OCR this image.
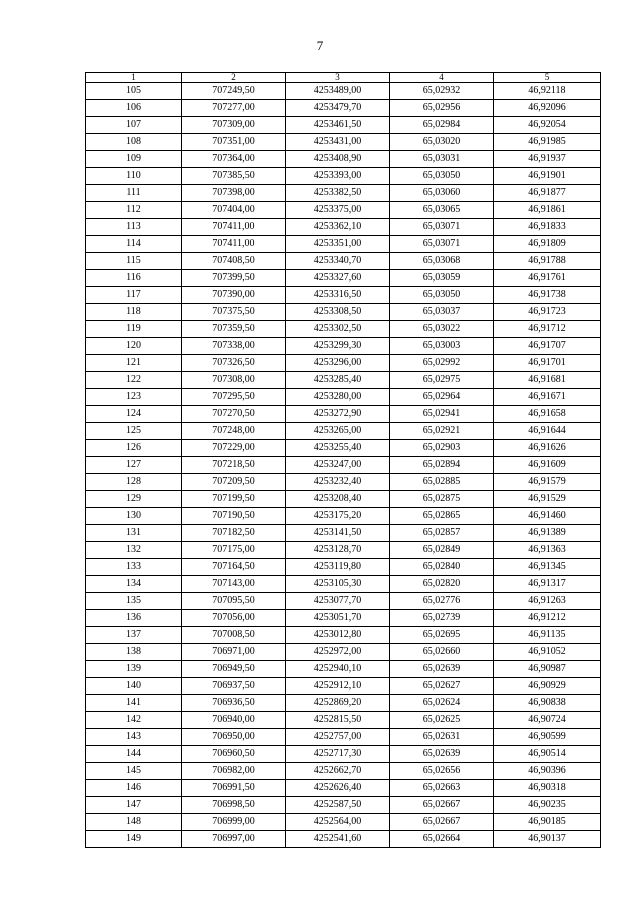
7
1	2	3	4	5
105	707249,50	4253489,00	65,02932	46,92118
106	707277,00	4253479,70	65,02956	46,92096
107	707309,00	4253461,50	65,02984	46,92054
108	707351,00	4253431,00	65,03020	46,91985
109	707364,00	4253408,90	65,03031	46,91937
110	707385,50	4253393,00	65,03050	46,91901
111	707398,00	4253382,50	65,03060	46,91877
112	707404,00	4253375,00	65,03065	46,91861
113	707411,00	4253362,10	65,03071	46,91833
114	707411,00	4253351,00	65,03071	46,91809
115	707408,50	4253340,70	65,03068	46,91788
116	707399,50	4253327,60	65,03059	46,91761
117	707390,00	4253316,50	65,03050	46,91738
118	707375,50	4253308,50	65,03037	46,91723
119	707359,50	4253302,50	65,03022	46,91712
120	707338,00	4253299,30	65,03003	46,91707
121	707326,50	4253296,00	65,02992	46,91701
122	707308,00	4253285,40	65,02975	46,91681
123	707295,50	4253280,00	65,02964	46,91671
124	707270,50	4253272,90	65,02941	46,91658
125	707248,00	4253265,00	65,02921	46,91644
126	707229,00	4253255,40	65,02903	46,91626
127	707218,50	4253247,00	65,02894	46,91609
128	707209,50	4253232,40	65,02885	46,91579
129	707199,50	4253208,40	65,02875	46,91529
130	707190,50	4253175,20	65,02865	46,91460
131	707182,50	4253141,50	65,02857	46,91389
132	707175,00	4253128,70	65,02849	46,91363
133	707164,50	4253119,80	65,02840	46,91345
134	707143,00	4253105,30	65,02820	46,91317
135	707095,50	4253077,70	65,02776	46,91263
136	707056,00	4253051,70	65,02739	46,91212
137	707008,50	4253012,80	65,02695	46,91135
138	706971,00	4252972,00	65,02660	46,91052
139	706949,50	4252940,10	65,02639	46,90987
140	706937,50	4252912,10	65,02627	46,90929
141	706936,50	4252869,20	65,02624	46,90838
142	706940,00	4252815,50	65,02625	46,90724
143	706950,00	4252757,00	65,02631	46,90599
144	706960,50	4252717,30	65,02639	46,90514
145	706982,00	4252662,70	65,02656	46,90396
146	706991,50	4252626,40	65,02663	46,90318
147	706998,50	4252587,50	65,02667	46,90235
148	706999,00	4252564,00	65,02667	46,90185
149	706997,00	4252541,60	65,02664	46,90137
